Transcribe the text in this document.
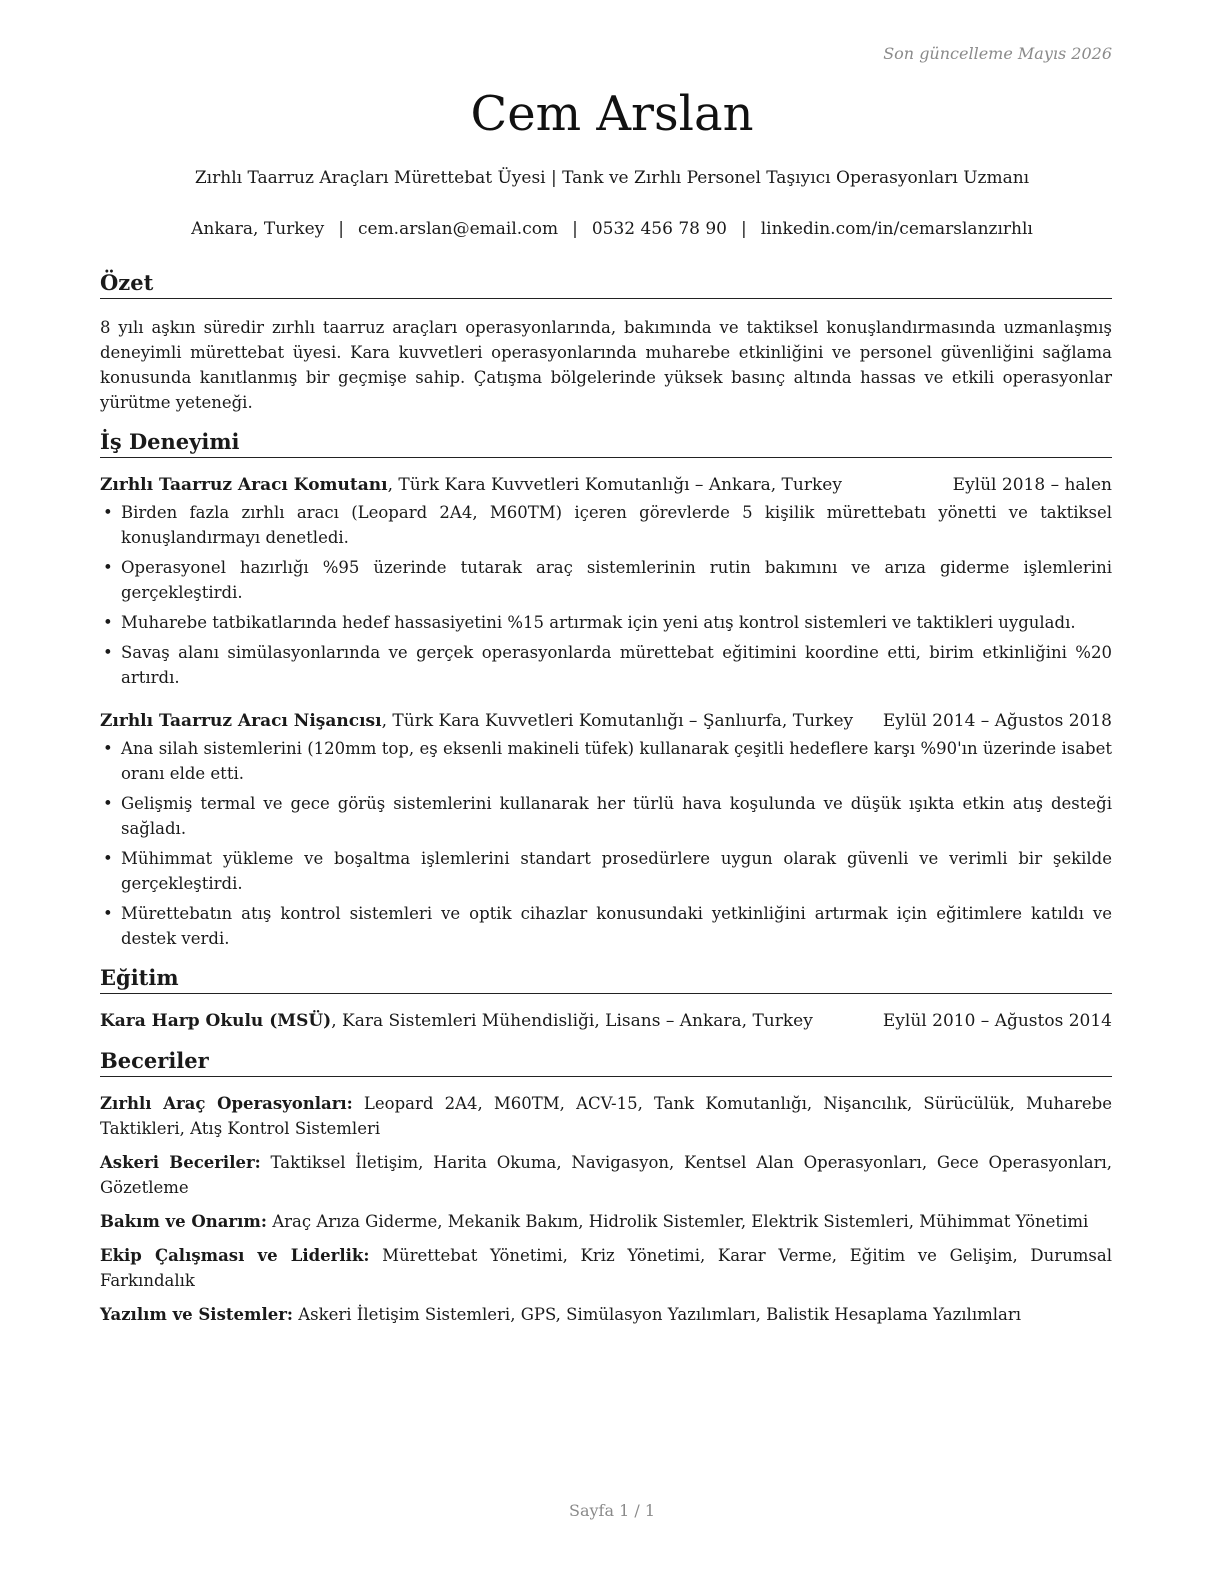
Son güncelleme Mayıs 2026
Cem Arslan
Zırhlı Taarruz Araçları Mürettebat Üyesi | Tank ve Zırhlı Personel Taşıyıcı Operasyonları Uzmanı
Ankara, Turkey | cem.arslan@email.com | 0532 456 78 90 | linkedin.com/in/cemarslanzırhlı
Özet

8 yılı aşkın süredir zırhlı taarruz araçları operasyonlarında, bakımında ve taktiksel konuşlandırmasında uzmanlaşmış deneyimli mürettebat üyesi. Kara kuvvetleri operasyonlarında muharebe etkinliğini ve personel güvenliğini sağlama konusunda kanıtlanmış bir geçmişe sahip. Çatışma bölgelerinde yüksek basınç altında hassas ve etkili operasyonlar yürütme yeteneği.

İş Deneyimi
Zırhlı Taarruz Aracı Komutanı, Türk Kara Kuvvetleri Komutanlığı – Ankara, Turkey	Eylül 2018 – halen
• Birden fazla zırhlı aracı (Leopard 2A4, M60TM) içeren görevlerde 5 kişilik mürettebatı yönetti ve taktiksel konuşlandırmayı denetledi.
• Operasyonel hazırlığı %95 üzerinde tutarak araç sistemlerinin rutin bakımını ve arıza giderme işlemlerini gerçekleştirdi.
• Muharebe tatbikatlarında hedef hassasiyetini %15 artırmak için yeni atış kontrol sistemleri ve taktikleri uyguladı.
• Savaş alanı simülasyonlarında ve gerçek operasyonlarda mürettebat eğitimini koordine etti, birim etkinliğini %20 artırdı.
Zırhlı Taarruz Aracı Nişancısı, Türk Kara Kuvvetleri Komutanlığı – Şanlıurfa, Turkey Eylül 2014 – Ağustos 2018
• Ana silah sistemlerini (120mm top, eş eksenli makineli tüfek) kullanarak çeşitli hedeflere karşı %90'ın üzerinde isabet oranı elde etti.
• Gelişmiş termal ve gece görüş sistemlerini kullanarak her türlü hava koşulunda ve düşük ışıkta etkin atış desteği sağladı.
• Mühimmat yükleme ve boşaltma işlemlerini standart prosedürlere uygun olarak güvenli ve verimli bir şekilde gerçekleştirdi.
• Mürettebatın atış kontrol sistemleri ve optik cihazlar konusundaki yetkinliğini artırmak için eğitimlere katıldı ve destek verdi.
Eğitim
Kara Harp Okulu (MSÜ), Kara Sistemleri Mühendisliği, Lisans – Ankara, Turkey	Eylül 2010 – Ağustos 2014
Beceriler

Zırhlı Araç Operasyonları: Leopard 2A4, M60TM, ACV-15, Tank Komutanlığı, Nişancılık, Sürücülük, Muharebe Taktikleri, Atış Kontrol Sistemleri

Askeri Beceriler: Taktiksel İletişim, Harita Okuma, Navigasyon, Kentsel Alan Operasyonları, Gece Operasyonları, Gözetleme

Bakım ve Onarım: Araç Arıza Giderme, Mekanik Bakım, Hidrolik Sistemler, Elektrik Sistemleri, Mühimmat Yönetimi

Ekip Çalışması ve Liderlik: Mürettebat Yönetimi, Kriz Yönetimi, Karar Verme, Eğitim ve Gelişim, Durumsal Farkındalık

Yazılım ve Sistemler: Askeri İletişim Sistemleri, GPS, Simülasyon Yazılımları, Balistik Hesaplama Yazılımları

Sayfa 1 / 1
